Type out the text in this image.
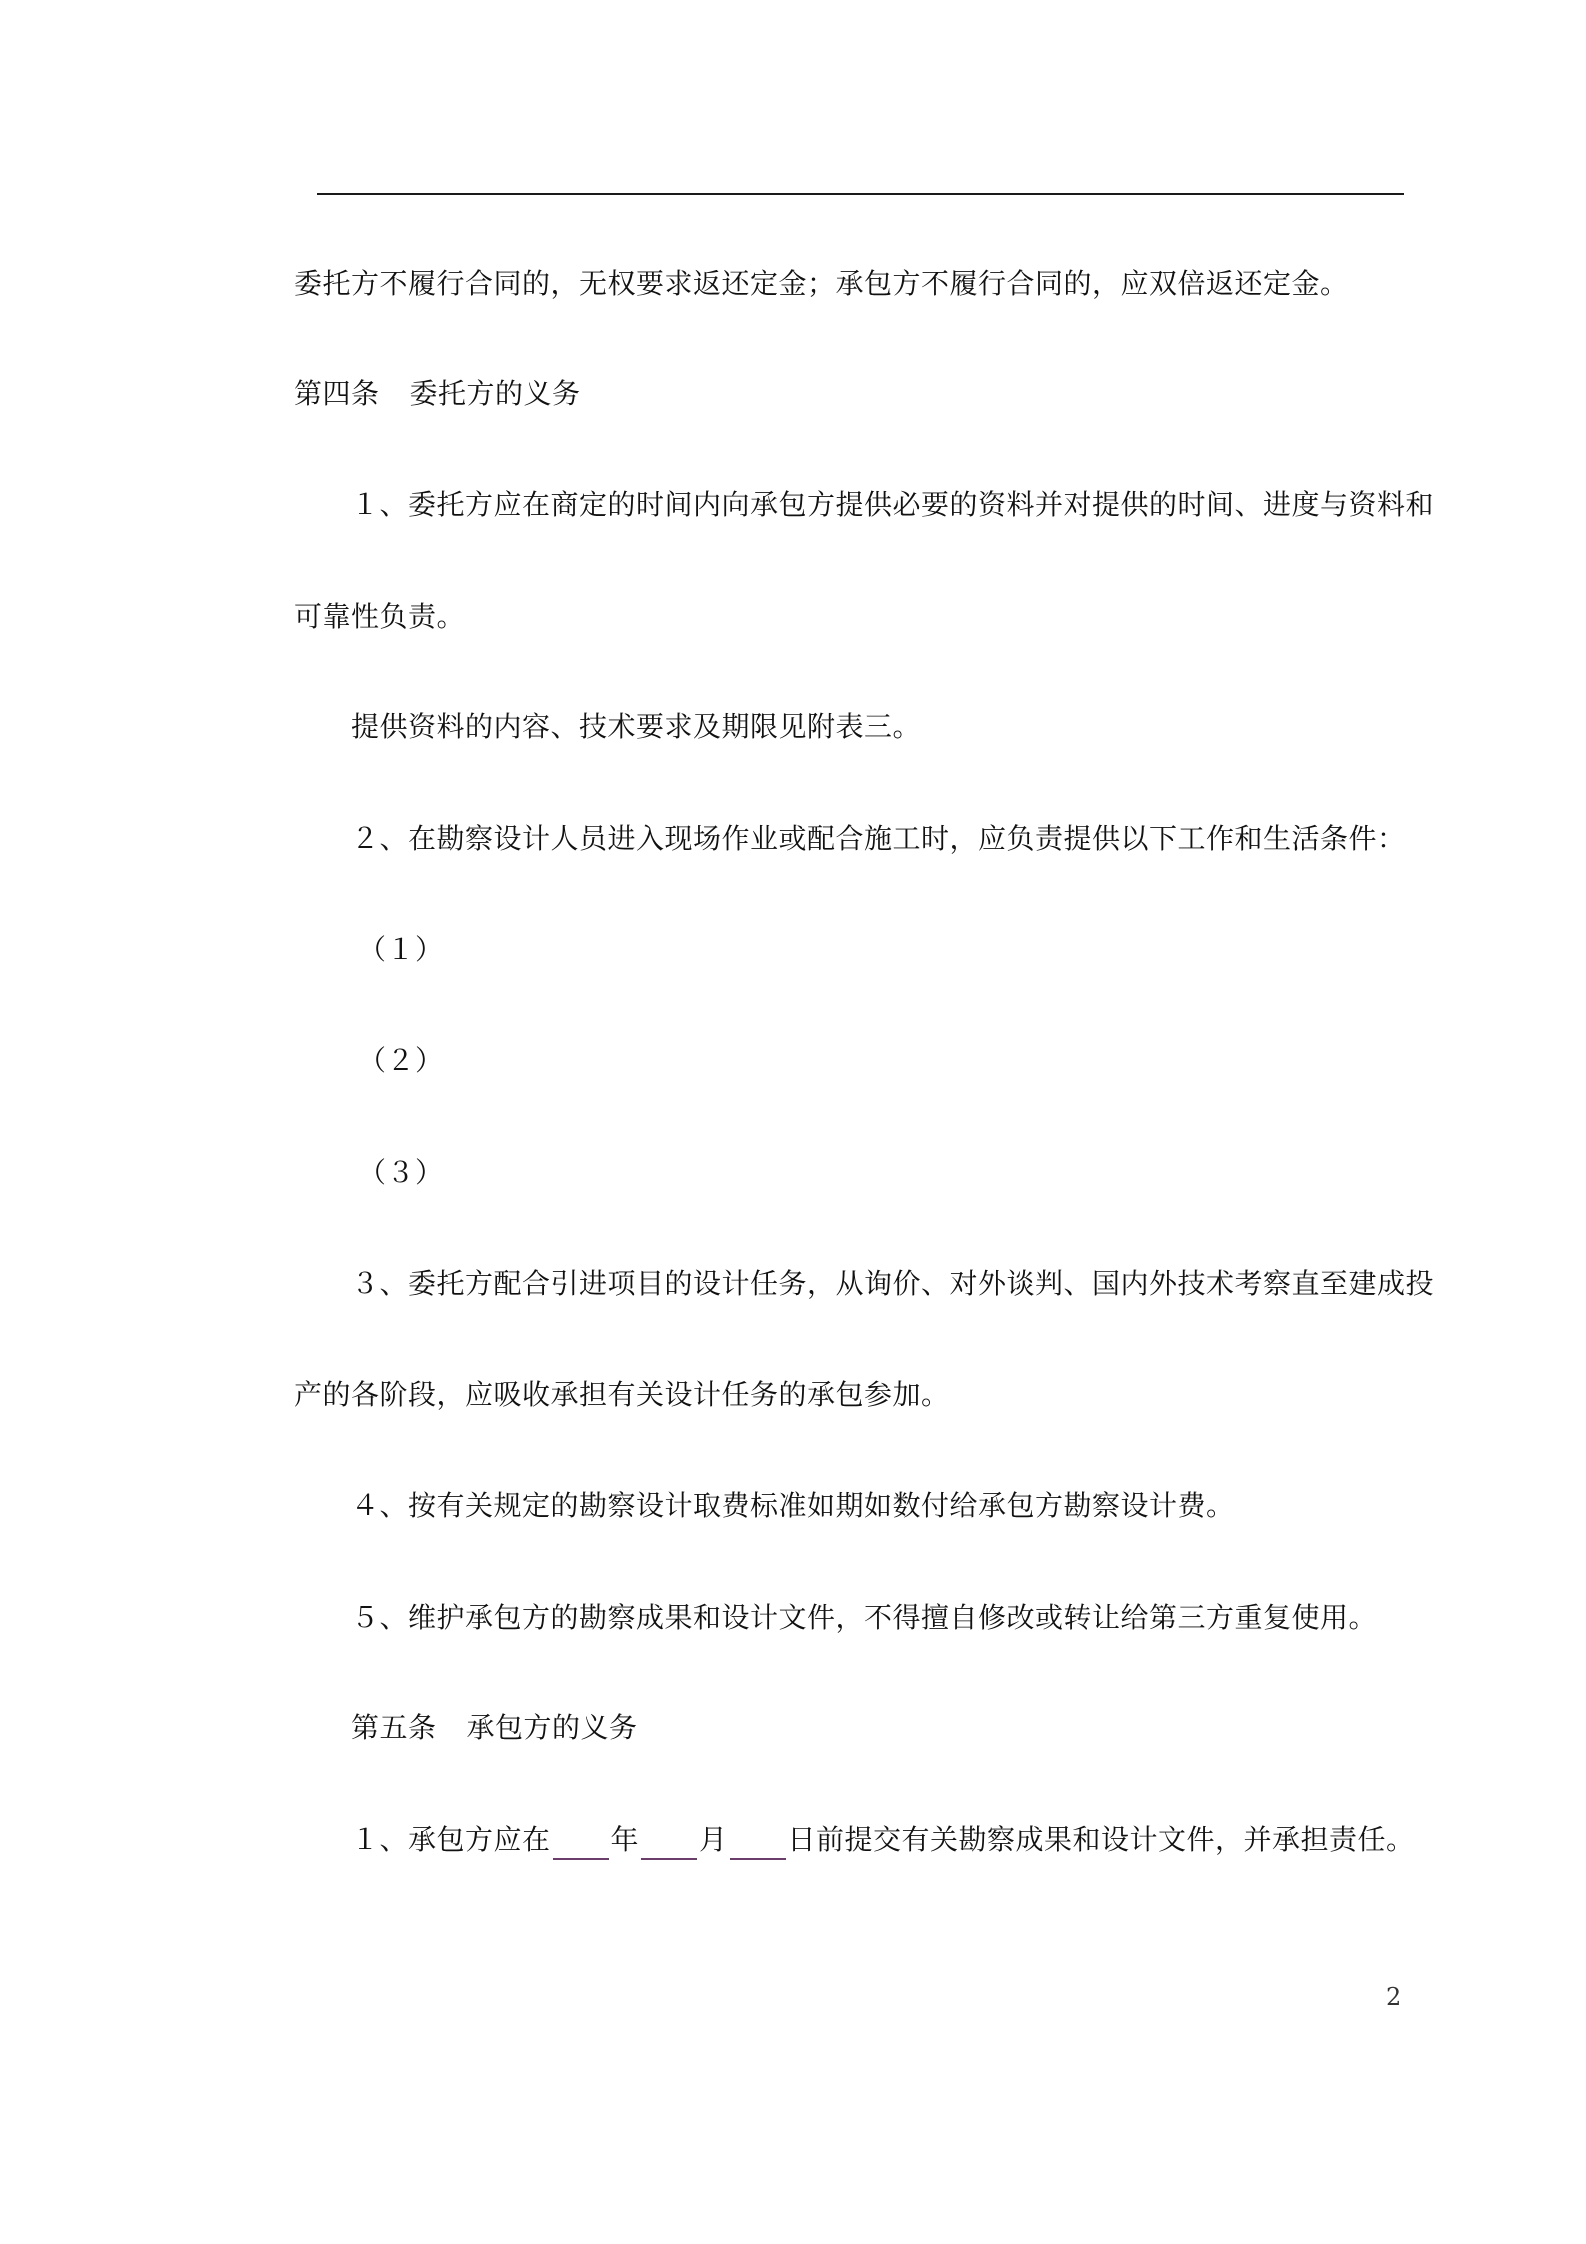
委托方不履行合同的，无权要求返还定金；承包方不履行合同的，应双倍返还定金。
第四条 委托方的义务
１、委托方应在商定的时间内向承包方提供必要的资料并对提供的时间、进度与资料和
可靠性负责。
提供资料的内容、技术要求及期限见附表三。
２、在勘察设计人员进入现场作业或配合施工时，应负责提供以下工作和生活条件：
（１）
（２）
（３）
３、委托方配合引进项目的设计任务，从询价、对外谈判、国内外技术考察直至建成投
产的各阶段，应吸收承担有关设计任务的承包参加。
４、按有关规定的勘察设计取费标准如期如数付给承包方勘察设计费。
５、维护承包方的勘察成果和设计文件，不得擅自修改或转让给第三方重复使用。
第五条 承包方的义务
１、承包方应在 年 月 日前提交有关勘察成果和设计文件，并承担责任。
2
